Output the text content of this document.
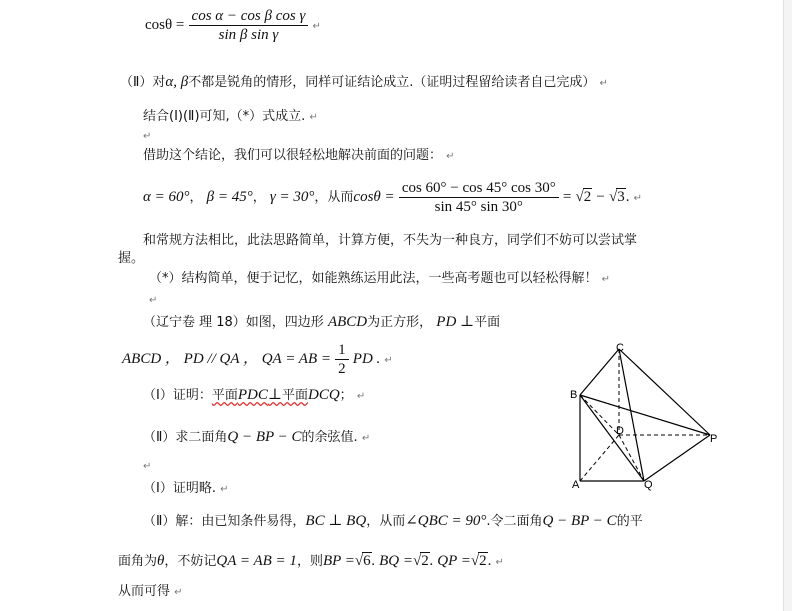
$\cos\theta = \frac{\text{cos α − cos β cos γ}}{\text{sin β sin γ}}$ ↵
（Ⅱ）对α, β不都是锐角的情形，同样可证结论成立.（证明过程留给读者自己完成） ↵
结合(Ⅰ)(Ⅱ)可知,（*）式成立. ↵
↵
借助这个结论，我们可以很轻松地解决前面的问题： ↵
α = 60°， β = 45°， γ = 30°，从而$\cos\theta = \frac{\cos 60^\circ - \cos 45^\circ \cos 30^\circ}{\sin 45^\circ \sin 30^\circ} = √2 - √3$. ↵
和常规方法相比，此法思路简单，计算方便，不失为一种良方，同学们不妨可以尝试掌
握。
（*）结构简单，便于记忆，如能熟练运用此法，一些高考题也可以轻松得解！ ↵
↵
（辽宁卷 理 18）如图，四边形 ABCD为正方形， PD ⊥平面
ABCD ， PD // QA ， QA = AB = $\frac{1}{2}$ PD . ↵
（Ⅰ）证明：平面PDC⊥平面DCQ； ↵
（Ⅱ）求二面角Q − BP − C的余弦值. ↵
↵
（Ⅰ）证明略. ↵
（Ⅱ）解：由已知条件易得，BC ⊥ BQ，从而∠QBC = 90°.令二面角Q − BP − C的平
面角为θ，不妨记QA = AB = 1，则BP =√6. BQ =√2. QP =√2. ↵
从而可得 ↵
C
B
D
P
A	Q
